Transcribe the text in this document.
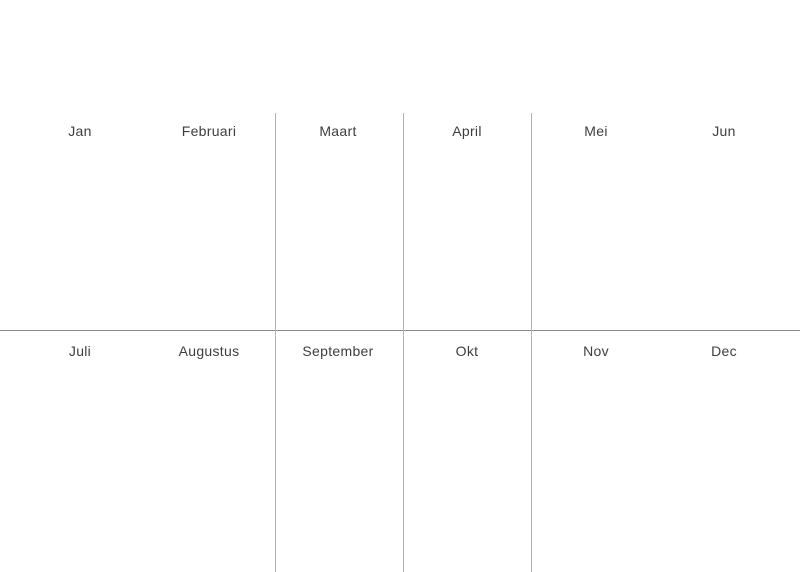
Jan	Februari	Maart	April	Mei	Jun
Juli	Augustus	September	Okt	Nov	Dec
